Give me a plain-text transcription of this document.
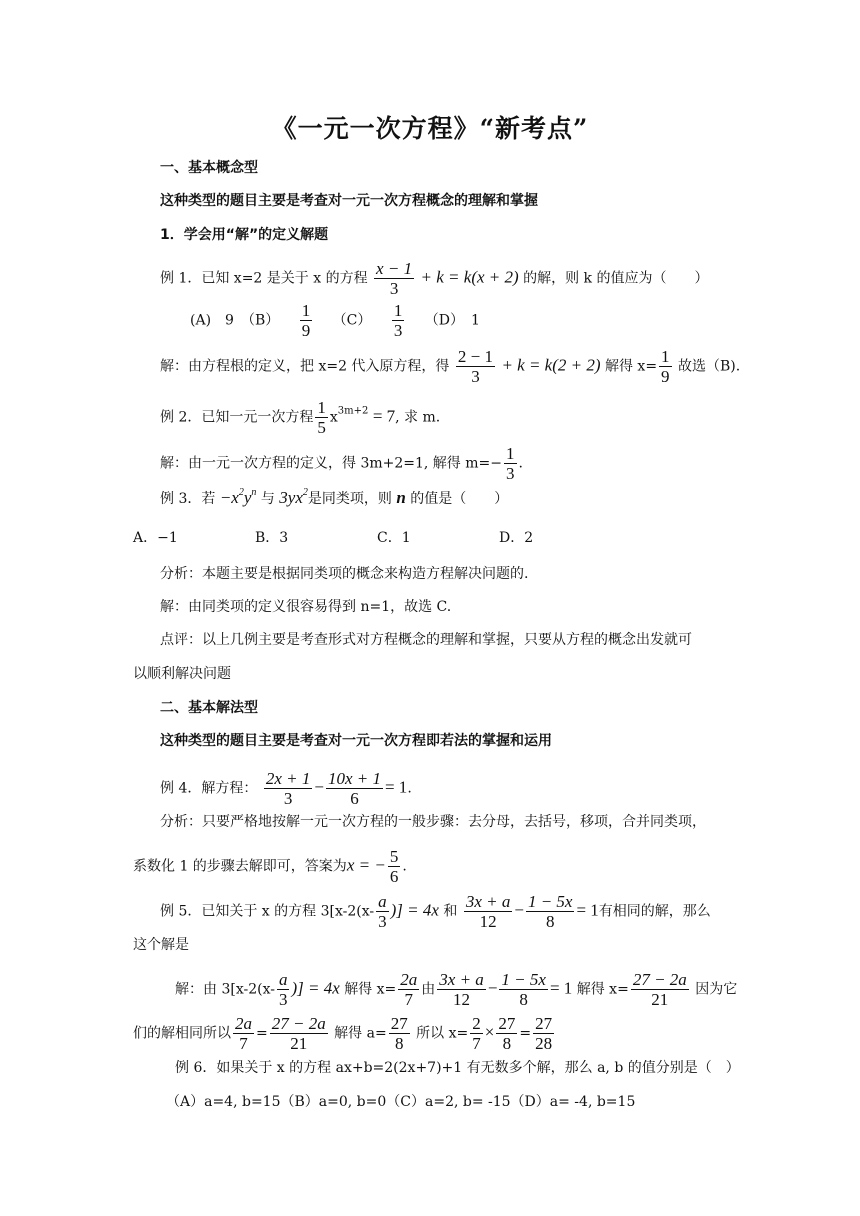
《一元一次方程》“新考点”
一、基本概念型
这种类型的题目主要是考查对一元一次方程概念的理解和掌握
1．学会用“解”的定义解题
例 1．已知 x=2 是关于 x 的方程 $\frac{x - 1}{3} + k = k(x + 2)$ 的解，则 k 的值应为（　　）
(A)　9　$(B) \frac{1}{9} (C) \frac{1}{3} (D)$　1
解：由方程根的定义，把 x=2 代入原方程，得 $\frac{2 - 1}{3} + k = k(2 + 2)$ 解得 $x= \frac{1}{9}$ 故选（B).
例 2．已知一元一次方程 $\frac{1}{5} x^{3m+2} = 7$, 求 m.
解：由一元一次方程的定义，得 3m+2=1, 解得 $m=- \frac{1}{3}$ .
例 3．若 $-x^2y^n$ 与 $3yx^2$是同类项，则 n 的值是（　　）
A．−1	B．3	C．1	D．2
分析：本题主要是根据同类项的概念来构造方程解决问题的.
解：由同类项的定义很容易得到 n=1，故选 C.
点评：以上几例主要是考查形式对方程概念的理解和掌握，只要从方程的概念出发就可
以顺利解决问题
二、基本解法型
这种类型的题目主要是考查对一元一次方程即若法的掌握和运用
例 4．解方程： $\frac{2x + 1}{3} - \frac{10x + 1}{6} = 1$.
分析：只要严格地按解一元一次方程的一般步骤：去分母，去括号，移项，合并同类项，
系数化 1 的步骤去解即可，答案为x = − $\frac{5}{6}$ .
例 5．已知关于 x 的方程 $3[x-2(x- \frac{a}{3}$ )] = 4x 和 $\frac{3x + a}{12} - \frac{1 - 5x}{8} = 1$有相同的解，那么
这个解是
解：由 $3[x-2(x- \frac{a}{3}$ )] = 4x 解得 $x= \frac{2a}{7}$ 由 $\frac{3x + a}{12} - \frac{1 - 5x}{8} = 1$ 解得 $x= \frac{27 - 2a}{21}$ 因为它
们的解相同所以 $\frac{2a}{7} = \frac{27 - 2a}{21}$ 解得 $a= \frac{27}{8}$ 所以 $x= \frac{2}{7} \times \frac{27}{8} = \frac{27}{28}$
例 6．如果关于 x 的方程 ax+b=2(2x+7)+1 有无数多个解，那么 a, b 的值分别是（　）
（A）a=4, b=15（B）a=0, b=0（C）a=2, b= -15（D）a= -4, b=15
